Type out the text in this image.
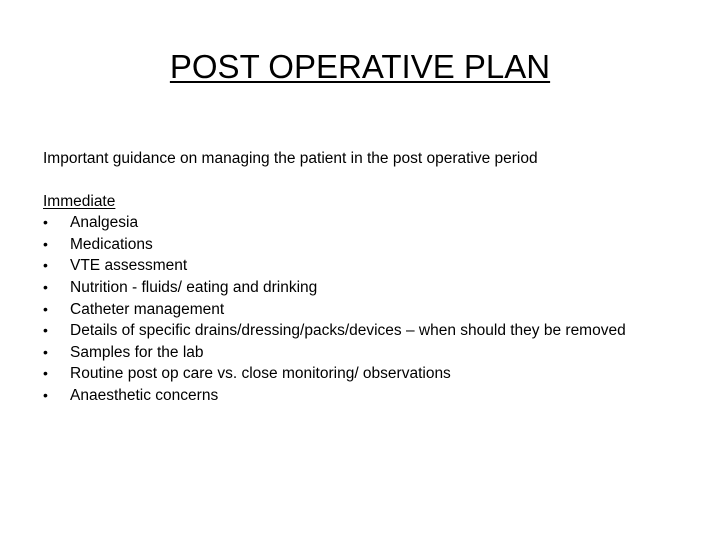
POST OPERATIVE PLAN

Important guidance on managing the patient in the post operative period

Immediate

•	Analgesia
•	Medications
•	VTE assessment
•	Nutrition - fluids/ eating and drinking
•	Catheter management
•	Details of specific drains/dressing/packs/devices – when should they be removed
•	Samples for the lab
•	Routine post op care vs. close monitoring/ observations
•	Anaesthetic concerns
